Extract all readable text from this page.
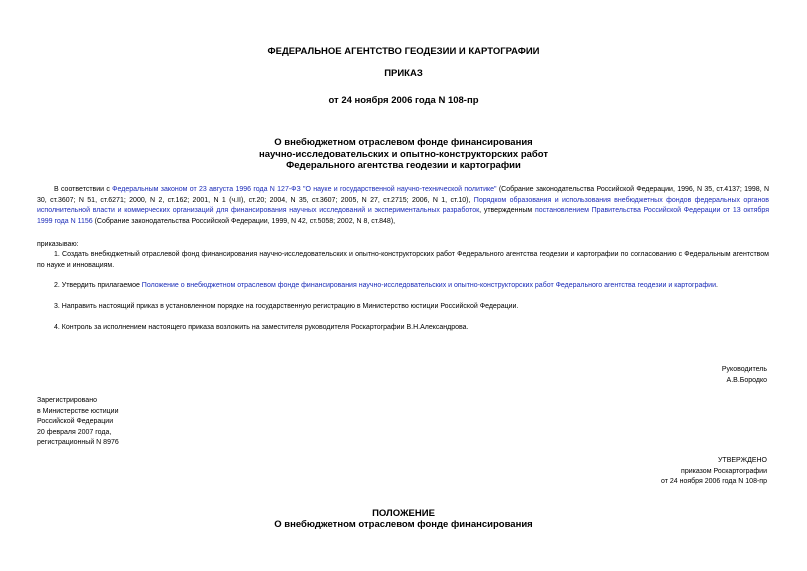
ФЕДЕРАЛЬНОЕ АГЕНТСТВО ГЕОДЕЗИИ И КАРТОГРАФИИ
ПРИКАЗ
от 24 ноября 2006 года N 108-пр
О внебюджетном отраслевом фонде финансирования
научно-исследовательских и опытно-конструкторских работ
Федерального агентства геодезии и картографии
В соответствии с Федеральным законом от 23 августа 1996 года N 127-ФЗ "О науке и государственной научно-технической политике" (Собрание законодательства Российской Федерации, 1996, N 35, ст.4137; 1998, N 30, ст.3607; N 51, ст.6271; 2000, N 2, ст.162; 2001, N 1 (ч.II), ст.20; 2004, N 35, ст.3607; 2005, N 27, ст.2715; 2006, N 1, ст.10), Порядком образования и использования внебюджетных фондов федеральных органов исполнительной власти и коммерческих организаций для финансирования научных исследований и экспериментальных разработок, утвержденным постановлением Правительства Российской Федерации от 13 октября 1999 года N 1156 (Собрание законодательства Российской Федерации, 1999, N 42, ст.5058; 2002, N 8, ст.848),
приказываю:
1. Создать внебюджетный отраслевой фонд финансирования научно-исследовательских и опытно-конструкторских работ Федерального агентства геодезии и картографии по согласованию с Федеральным агентством по науке и инновациям.
2. Утвердить прилагаемое Положение о внебюджетном отраслевом фонде финансирования научно-исследовательских и опытно-конструкторских работ Федерального агентства геодезии и картографии.
3. Направить настоящий приказ в установленном порядке на государственную регистрацию в Министерство юстиции Российской Федерации.
4. Контроль за исполнением настоящего приказа возложить на заместителя руководителя Роскартографии В.Н.Александрова.
Руководитель
А.В.Бородко
Зарегистрировано
в Министерстве юстиции
Российской Федерации
20 февраля 2007 года,
регистрационный N 8976
УТВЕРЖДЕНО
приказом Роскартографии
от 24 ноября 2006 года N 108-пр
ПОЛОЖЕНИЕ
О внебюджетном отраслевом фонде финансирования
